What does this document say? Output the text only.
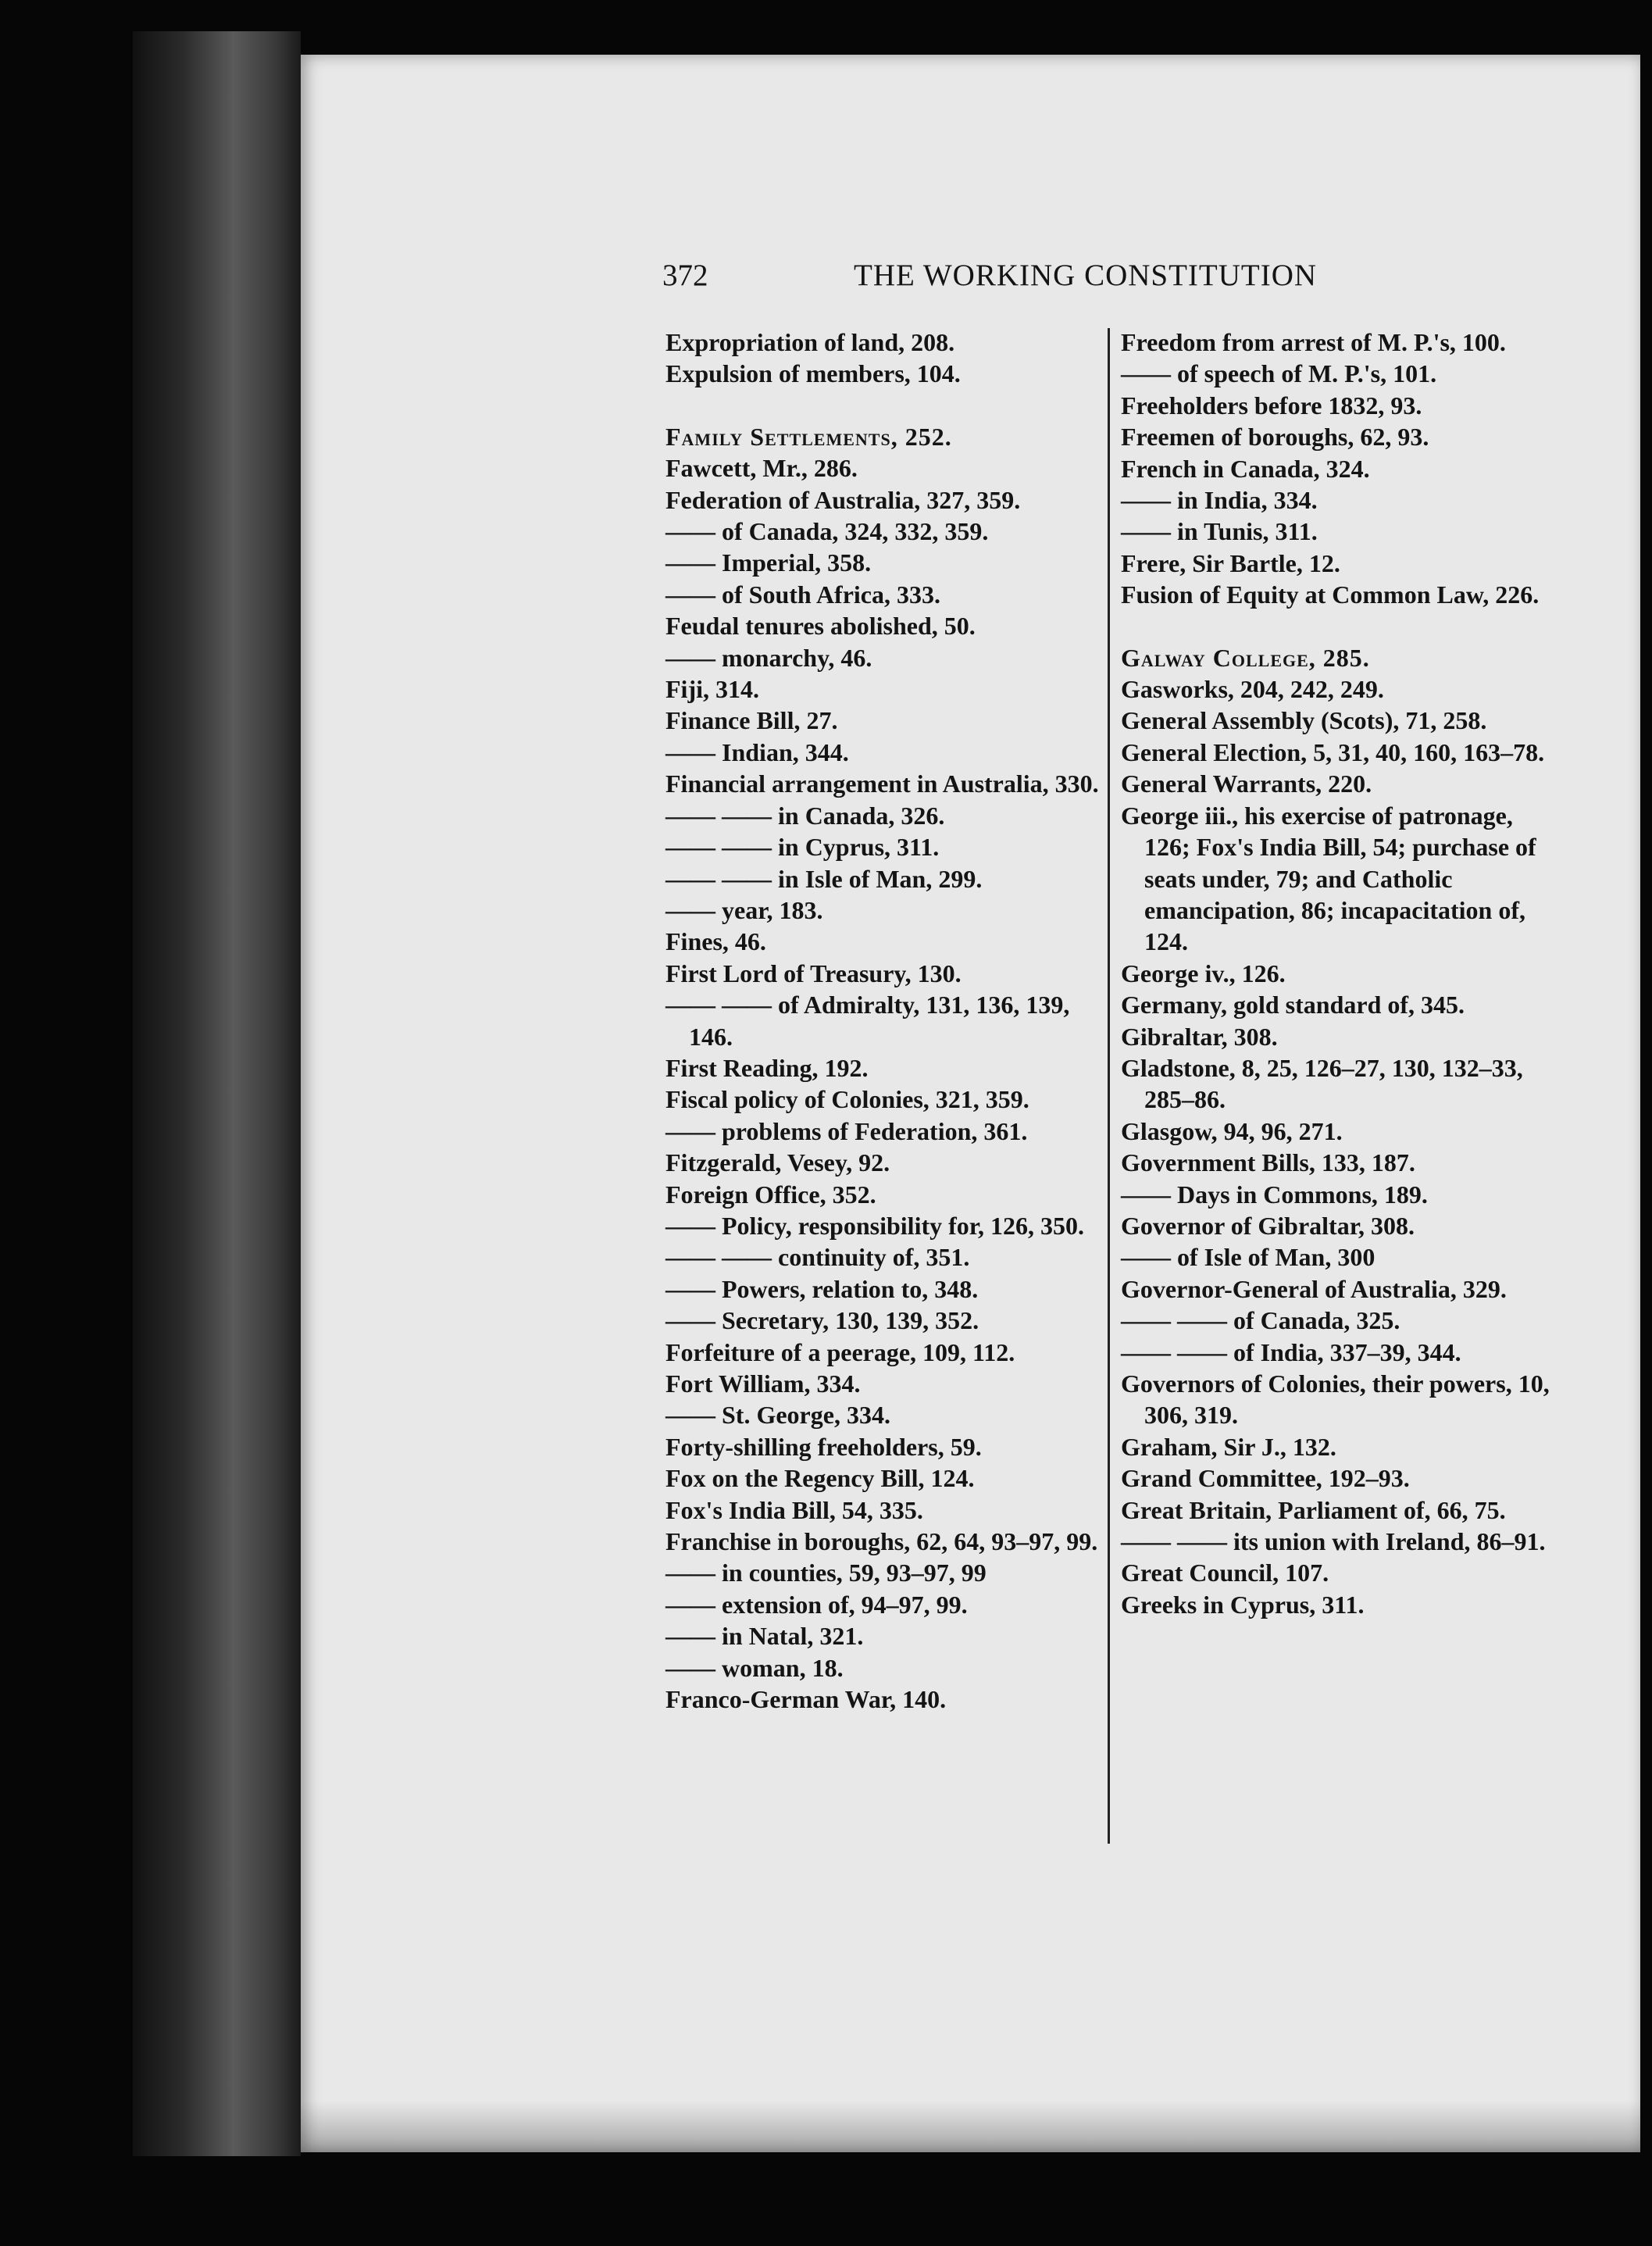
372	THE WORKING CONSTITUTION

Expropriation of land, 208.

Expulsion of members, 104.

Family Settlements, 252.

Fawcett, Mr., 286.

Federation of Australia, 327, 359.

—— of Canada, 324, 332, 359.

—— Imperial, 358.

—— of South Africa, 333.

Feudal tenures abolished, 50.

—— monarchy, 46.

Fiji, 314.

Finance Bill, 27.

—— Indian, 344.

Financial arrangement in Australia, 330.

—— —— in Canada, 326.

—— —— in Cyprus, 311.

—— —— in Isle of Man, 299.

—— year, 183.

Fines, 46.

First Lord of Treasury, 130.

—— —— of Admiralty, 131, 136, 139, 146.

First Reading, 192.

Fiscal policy of Colonies, 321, 359.

—— problems of Federation, 361.

Fitzgerald, Vesey, 92.

Foreign Office, 352.

—— Policy, responsibility for, 126, 350.

—— —— continuity of, 351.

—— Powers, relation to, 348.

—— Secretary, 130, 139, 352.

Forfeiture of a peerage, 109, 112.

Fort William, 334.

—— St. George, 334.

Forty-shilling freeholders, 59.

Fox on the Regency Bill, 124.

Fox's India Bill, 54, 335.

Franchise in boroughs, 62, 64, 93–97, 99.

—— in counties, 59, 93–97, 99

—— extension of, 94–97, 99.

—— in Natal, 321.

—— woman, 18.

Franco-German War, 140.

Freedom from arrest of M. P.'s, 100.

—— of speech of M. P.'s, 101.

Freeholders before 1832, 93.

Freemen of boroughs, 62, 93.

French in Canada, 324.

—— in India, 334.

—— in Tunis, 311.

Frere, Sir Bartle, 12.

Fusion of Equity at Common Law, 226.

Galway College, 285.

Gasworks, 204, 242, 249.

General Assembly (Scots), 71, 258.

General Election, 5, 31, 40, 160, 163–78.

General Warrants, 220.

George iii., his exercise of patronage, 126; Fox's India Bill, 54; purchase of seats under, 79; and Catholic emancipation, 86; incapacitation of, 124.

George iv., 126.

Germany, gold standard of, 345.

Gibraltar, 308.

Gladstone, 8, 25, 126–27, 130, 132–33, 285–86.

Glasgow, 94, 96, 271.

Government Bills, 133, 187.

—— Days in Commons, 189.

Governor of Gibraltar, 308.

—— of Isle of Man, 300

Governor-General of Australia, 329.

—— —— of Canada, 325.

—— —— of India, 337–39, 344.

Governors of Colonies, their powers, 10, 306, 319.

Graham, Sir J., 132.

Grand Committee, 192–93.

Great Britain, Parliament of, 66, 75.

—— —— its union with Ireland, 86–91.

Great Council, 107.

Greeks in Cyprus, 311.
